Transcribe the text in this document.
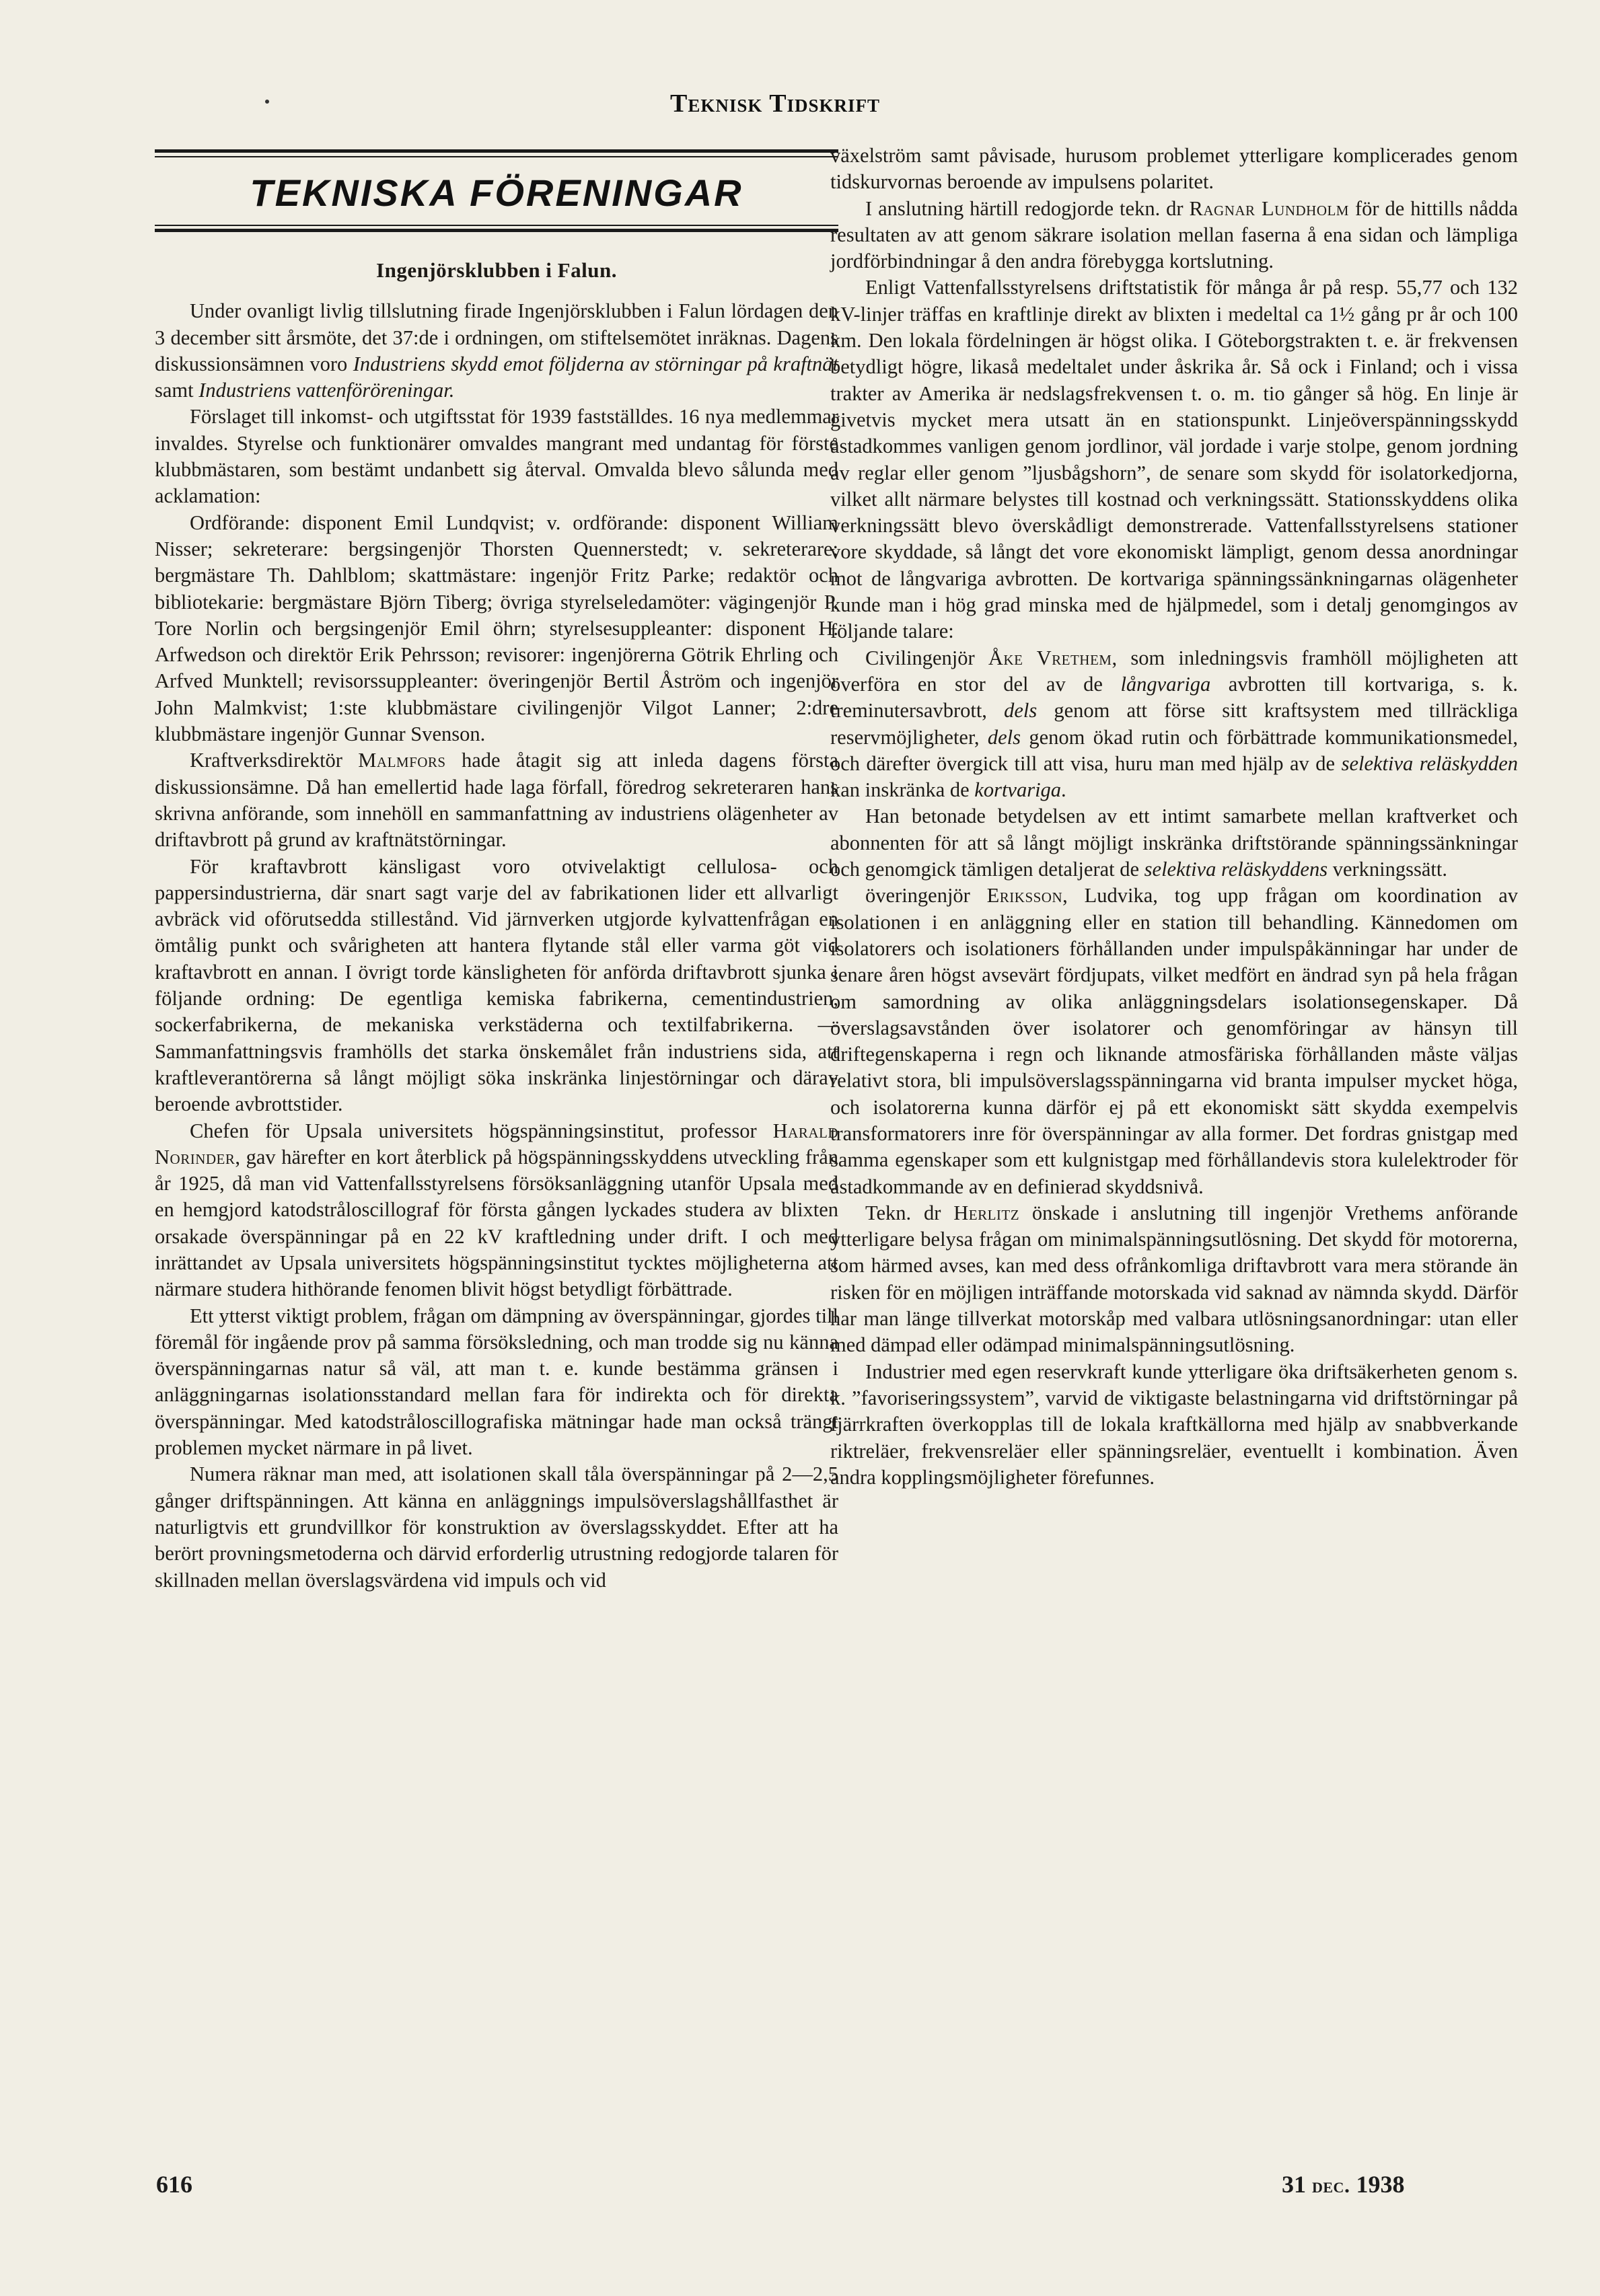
Teknisk Tidskrift
TEKNISKA FÖRENINGAR
Ingenjörsklubben i Falun.

Under ovanligt livlig tillslutning firade Ingenjörsklubben i Falun lördagen den 3 december sitt årsmöte, det 37:de i ordningen, om stiftelsemötet inräknas. Dagens diskussionsämnen voro Industriens skydd emot följderna av störningar på kraftnät samt Industriens vattenföröreningar.

Förslaget till inkomst- och utgiftsstat för 1939 fastställdes. 16 nya medlemmar invaldes. Styrelse och funktionärer omvaldes mangrant med undantag för förste klubbmästaren, som bestämt undanbett sig återval. Omvalda blevo sålunda med acklamation:

Ordförande: disponent Emil Lundqvist; v. ordförande: disponent William Nisser; sekreterare: bergsingenjör Thorsten Quennerstedt; v. sekreterare: bergmästare Th. Dahlblom; skattmästare: ingenjör Fritz Parke; redaktör och bibliotekarie: bergmästare Björn Tiberg; övriga styrelseledamöter: vägingenjör P. Tore Norlin och bergsingenjör Emil öhrn; styrelsesuppleanter: disponent H. Arfwedson och direktör Erik Pehrsson; revisorer: ingenjörerna Götrik Ehrling och Arfved Munktell; revisorssuppleanter: överingenjör Bertil Åström och ingenjör John Malmkvist; 1:ste klubbmästare civilingenjör Vilgot Lanner; 2:dre klubbmästare ingenjör Gunnar Svenson.

Kraftverksdirektör Malmfors hade åtagit sig att inleda dagens första diskussionsämne. Då han emellertid hade laga förfall, föredrog sekreteraren hans skrivna anförande, som innehöll en sammanfattning av industriens olägenheter av driftavbrott på grund av kraftnätstörningar.

För kraftavbrott känsligast voro otvivelaktigt cellulosa- och pappersindustrierna, där snart sagt varje del av fabrikationen lider ett allvarligt avbräck vid oförutsedda stillestånd. Vid järnverken utgjorde kylvattenfrågan en ömtålig punkt och svårigheten att hantera flytande stål eller varma göt vid kraftavbrott en annan. I övrigt torde känsligheten för anförda driftavbrott sjunka i följande ordning: De egentliga kemiska fabrikerna, cementindustrien, sockerfabrikerna, de mekaniska verkstäderna och textilfabrikerna. — Sammanfattningsvis framhölls det starka önskemålet från industriens sida, att kraftleverantörerna så långt möjligt söka inskränka linjestörningar och därav beroende avbrottstider.

Chefen för Upsala universitets högspänningsinstitut, professor Harald Norinder, gav härefter en kort återblick på högspänningsskyddens utveckling från år 1925, då man vid Vattenfallsstyrelsens försöksanläggning utanför Upsala med en hemgjord katodstråloscillograf för första gången lyckades studera av blixten orsakade överspänningar på en 22 kV kraftledning under drift. I och med inrättandet av Upsala universitets högspänningsinstitut tycktes möjligheterna att närmare studera hithörande fenomen blivit högst betydligt förbättrade.

Ett ytterst viktigt problem, frågan om dämpning av överspänningar, gjordes till föremål för ingående prov på samma försöksledning, och man trodde sig nu känna överspänningarnas natur så väl, att man t. e. kunde bestämma gränsen i anläggningarnas isolationsstandard mellan fara för indirekta och för direkta överspänningar. Med katodstråloscillografiska mätningar hade man också trängt problemen mycket närmare in på livet.

Numera räknar man med, att isolationen skall tåla överspänningar på 2—2,5 gånger driftspänningen. Att känna en anläggnings impulsöverslagshållfasthet är naturligtvis ett grundvillkor för konstruktion av överslagsskyddet. Efter att ha berört provningsmetoderna och därvid erforderlig utrustning redogjorde talaren för skillnaden mellan överslagsvärdena vid impuls och vid

växelström samt påvisade, hurusom problemet ytterligare komplicerades genom tidskurvornas beroende av impulsens polaritet.

I anslutning härtill redogjorde tekn. dr Ragnar Lundholm för de hittills nådda resultaten av att genom säkrare isolation mellan faserna å ena sidan och lämpliga jordförbindningar å den andra förebygga kortslutning.

Enligt Vattenfallsstyrelsens driftstatistik för många år på resp. 55,77 och 132 kV-linjer träffas en kraftlinje direkt av blixten i medeltal ca 1½ gång pr år och 100 km. Den lokala fördelningen är högst olika. I Göteborgstrakten t. e. är frekvensen betydligt högre, likaså medeltalet under åskrika år. Så ock i Finland; och i vissa trakter av Amerika är nedslagsfrekvensen t. o. m. tio gånger så hög. En linje är givetvis mycket mera utsatt än en stationspunkt. Linjeöverspänningsskydd åstadkommes vanligen genom jordlinor, väl jordade i varje stolpe, genom jordning av reglar eller genom ”ljusbågshorn”, de senare som skydd för isolatorkedjorna, vilket allt närmare belystes till kostnad och verkningssätt. Stationsskyddens olika verkningssätt blevo överskådligt demonstrerade. Vattenfallsstyrelsens stationer vore skyddade, så långt det vore ekonomiskt lämpligt, genom dessa anordningar mot de långvariga avbrotten. De kortvariga spänningssänkningarnas olägenheter kunde man i hög grad minska med de hjälpmedel, som i detalj genomgingos av följande talare:

Civilingenjör Åke Vrethem, som inledningsvis framhöll möjligheten att överföra en stor del av de långvariga avbrotten till kortvariga, s. k. treminutersavbrott, dels genom att förse sitt kraftsystem med tillräckliga reservmöjligheter, dels genom ökad rutin och förbättrade kommunikationsmedel, och därefter övergick till att visa, huru man med hjälp av de selektiva reläskydden kan inskränka de kortvariga.

Han betonade betydelsen av ett intimt samarbete mellan kraftverket och abonnenten för att så långt möjligt inskränka driftstörande spänningssänkningar och genomgick tämligen detaljerat de selektiva reläskyddens verkningssätt.

överingenjör Eriksson, Ludvika, tog upp frågan om koordination av isolationen i en anläggning eller en station till behandling. Kännedomen om isolatorers och isolationers förhållanden under impulspåkänningar har under de senare åren högst avsevärt fördjupats, vilket medfört en ändrad syn på hela frågan om samordning av olika anläggningsdelars isolationsegenskaper. Då överslagsavstånden över isolatorer och genomföringar av hänsyn till driftegenskaperna i regn och liknande atmosfäriska förhållanden måste väljas relativt stora, bli impulsöverslagsspänningarna vid branta impulser mycket höga, och isolatorerna kunna därför ej på ett ekonomiskt sätt skydda exempelvis transformatorers inre för överspänningar av alla former. Det fordras gnistgap med samma egenskaper som ett kulgnistgap med förhållandevis stora kulelektroder för åstadkommande av en definierad skyddsnivå.

Tekn. dr Herlitz önskade i anslutning till ingenjör Vrethems anförande ytterligare belysa frågan om minimalspänningsutlösning. Det skydd för motorerna, som härmed avses, kan med dess ofrånkomliga driftavbrott vara mera störande än risken för en möjligen inträffande motorskada vid saknad av nämnda skydd. Därför har man länge tillverkat motorskåp med valbara utlösningsanordningar: utan eller med dämpad eller odämpad minimalspänningsutlösning.

Industrier med egen reservkraft kunde ytterligare öka driftsäkerheten genom s. k. ”favoriseringssystem”, varvid de viktigaste belastningarna vid driftstörningar på fjärrkraften överkopplas till de lokala kraftkällorna med hjälp av snabbverkande riktreläer, frekvensreläer eller spänningsreläer, eventuellt i kombination. Även andra kopplingsmöjligheter förefunnes.

616	31 dec. 1938
